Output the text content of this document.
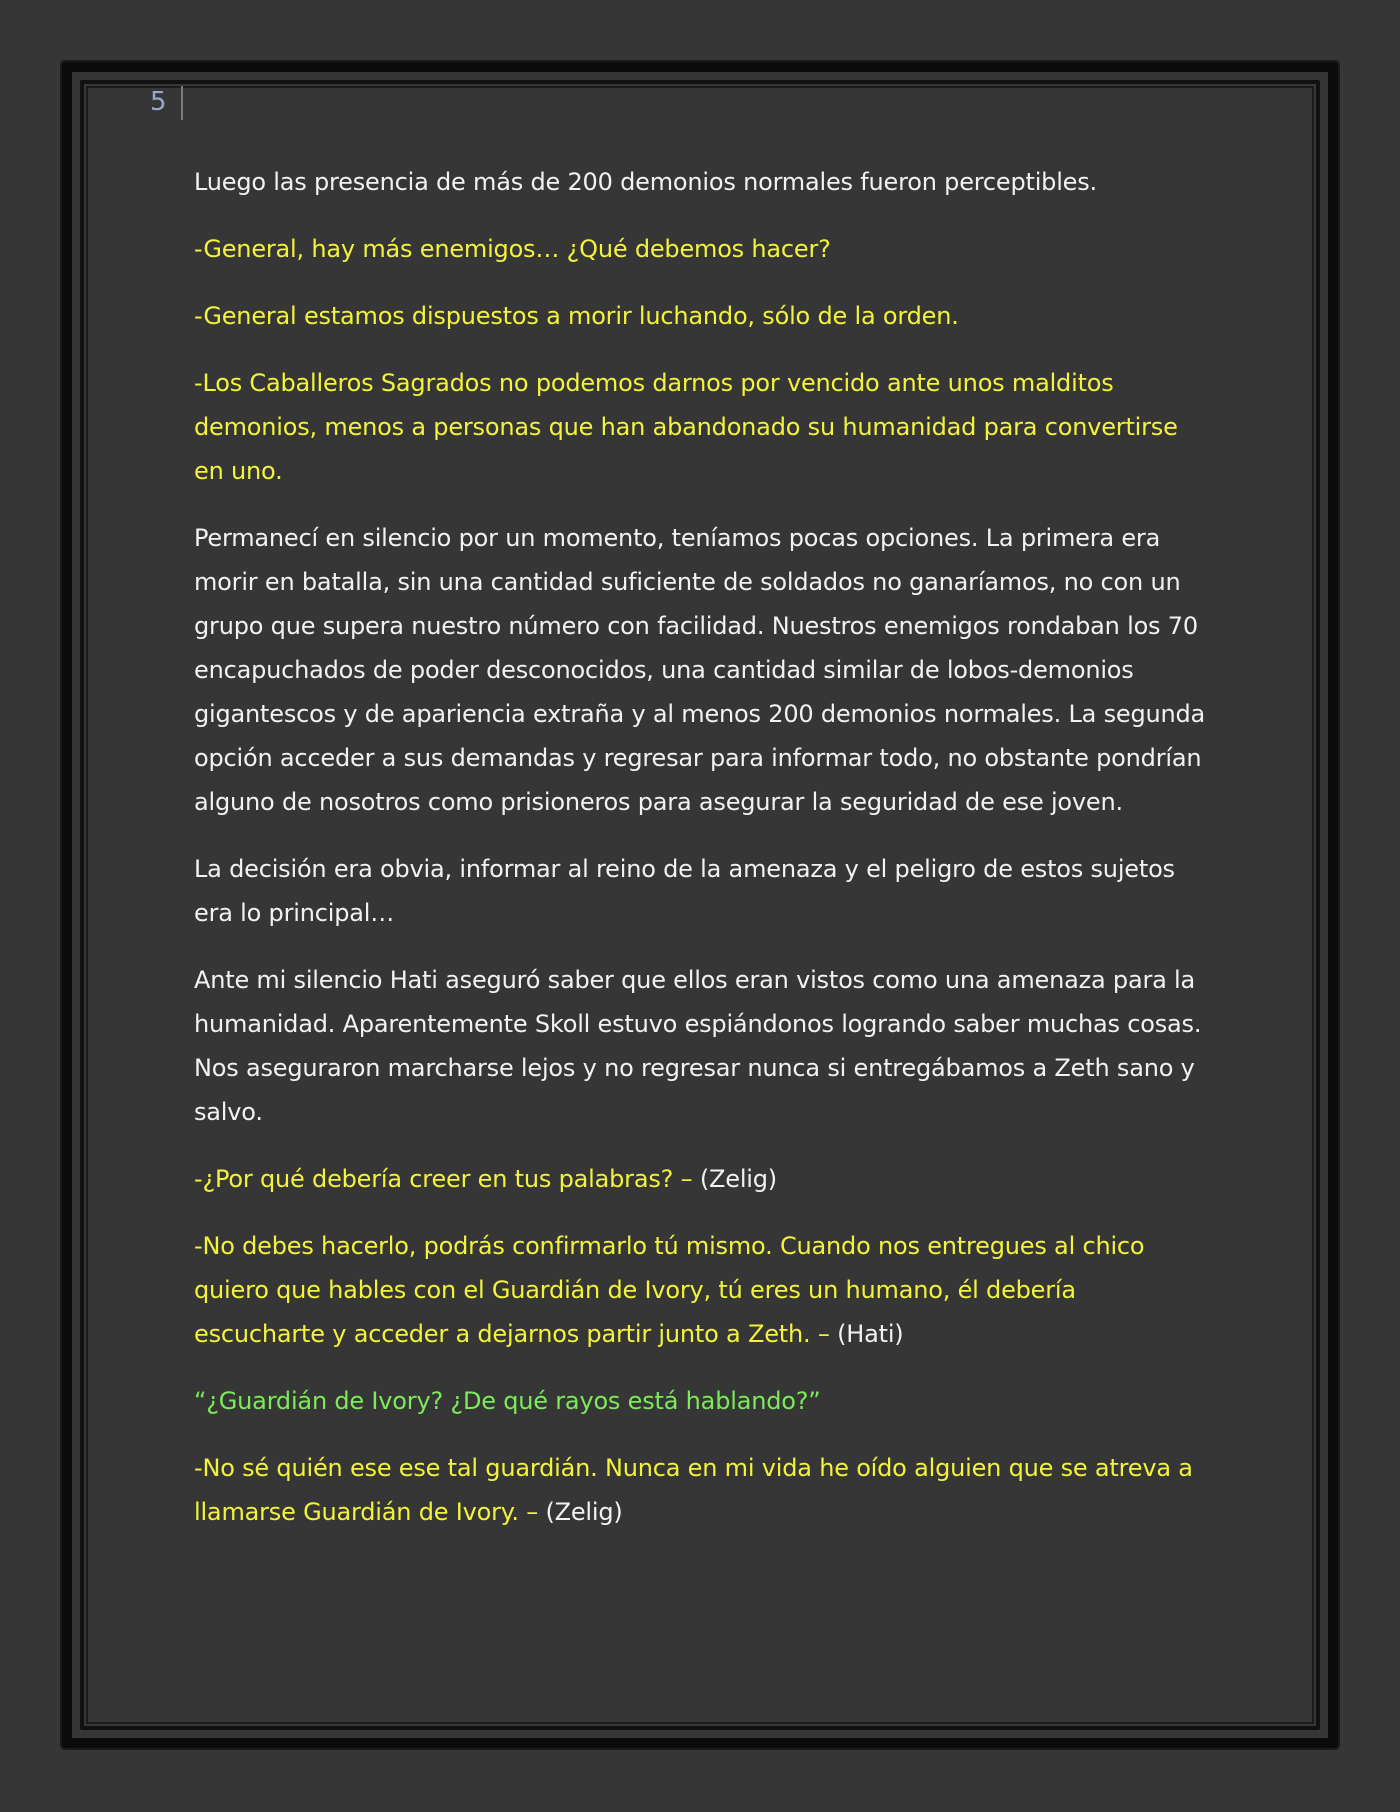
5

Luego las presencia de más de 200 demonios normales fueron perceptibles.

-General, hay más enemigos… ¿Qué debemos hacer?

-General estamos dispuestos a morir luchando, sólo de la orden.

-Los Caballeros Sagrados no podemos darnos por vencido ante unos malditos demonios, menos a personas que han abandonado su humanidad para convertirse en uno.

Permanecí en silencio por un momento, teníamos pocas opciones. La primera era morir en batalla, sin una cantidad suficiente de soldados no ganaríamos, no con un grupo que supera nuestro número con facilidad. Nuestros enemigos rondaban los 70 encapuchados de poder desconocidos, una cantidad similar de lobos-demonios gigantescos y de apariencia extraña y al menos 200 demonios normales. La segunda opción acceder a sus demandas y regresar para informar todo, no obstante pondrían alguno de nosotros como prisioneros para asegurar la seguridad de ese joven.

La decisión era obvia, informar al reino de la amenaza y el peligro de estos sujetos era lo principal…

Ante mi silencio Hati aseguró saber que ellos eran vistos como una amenaza para la humanidad. Aparentemente Skoll estuvo espiándonos logrando saber muchas cosas. Nos aseguraron marcharse lejos y no regresar nunca si entregábamos a Zeth sano y salvo.

-¿Por qué debería creer en tus palabras? – (Zelig)

-No debes hacerlo, podrás confirmarlo tú mismo. Cuando nos entregues al chico quiero que hables con el Guardián de Ivory, tú eres un humano, él debería escucharte y acceder a dejarnos partir junto a Zeth. – (Hati)

“¿Guardián de Ivory? ¿De qué rayos está hablando?”

-No sé quién ese ese tal guardián. Nunca en mi vida he oído alguien que se atreva a llamarse Guardián de Ivory. – (Zelig)
